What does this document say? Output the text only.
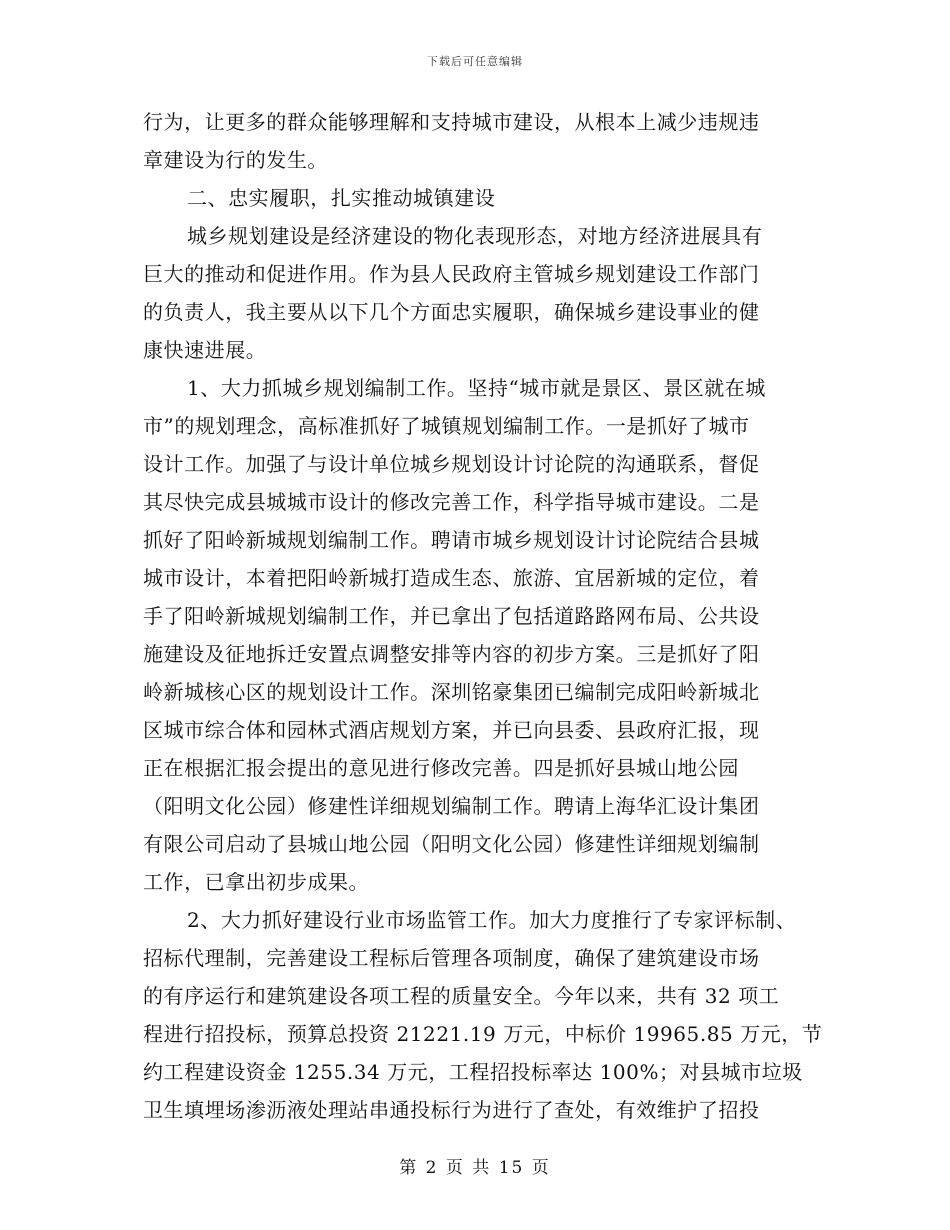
下载后可任意编辑
行为，让更多的群众能够理解和支持城市建设，从根本上减少违规违
章建设为行的发生。
二、忠实履职，扎实推动城镇建设
城乡规划建设是经济建设的物化表现形态，对地方经济进展具有
巨大的推动和促进作用。作为县人民政府主管城乡规划建设工作部门
的负责人，我主要从以下几个方面忠实履职，确保城乡建设事业的健
康快速进展。
1、大力抓城乡规划编制工作。坚持“城市就是景区、景区就在城
市”的规划理念，高标准抓好了城镇规划编制工作。一是抓好了城市
设计工作。加强了与设计单位城乡规划设计讨论院的沟通联系，督促
其尽快完成县城城市设计的修改完善工作，科学指导城市建设。二是
抓好了阳岭新城规划编制工作。聘请市城乡规划设计讨论院结合县城
城市设计，本着把阳岭新城打造成生态、旅游、宜居新城的定位，着
手了阳岭新城规划编制工作，并已拿出了包括道路路网布局、公共设
施建设及征地拆迁安置点调整安排等内容的初步方案。三是抓好了阳
岭新城核心区的规划设计工作。深圳铭豪集团已编制完成阳岭新城北
区城市综合体和园林式酒店规划方案，并已向县委、县政府汇报，现
正在根据汇报会提出的意见进行修改完善。四是抓好县城山地公园
（阳明文化公园）修建性详细规划编制工作。聘请上海华汇设计集团
有限公司启动了县城山地公园（阳明文化公园）修建性详细规划编制
工作，已拿出初步成果。
2、大力抓好建设行业市场监管工作。加大力度推行了专家评标制、
招标代理制，完善建设工程标后管理各项制度，确保了建筑建设市场
的有序运行和建筑建设各项工程的质量安全。今年以来，共有 32 项工
程进行招投标，预算总投资 21221.19 万元，中标价 19965.85 万元，节
约工程建设资金 1255.34 万元，工程招投标率达 100%；对县城市垃圾
卫生填埋场渗沥液处理站串通投标行为进行了查处，有效维护了招投
第 2 页 共 15 页
